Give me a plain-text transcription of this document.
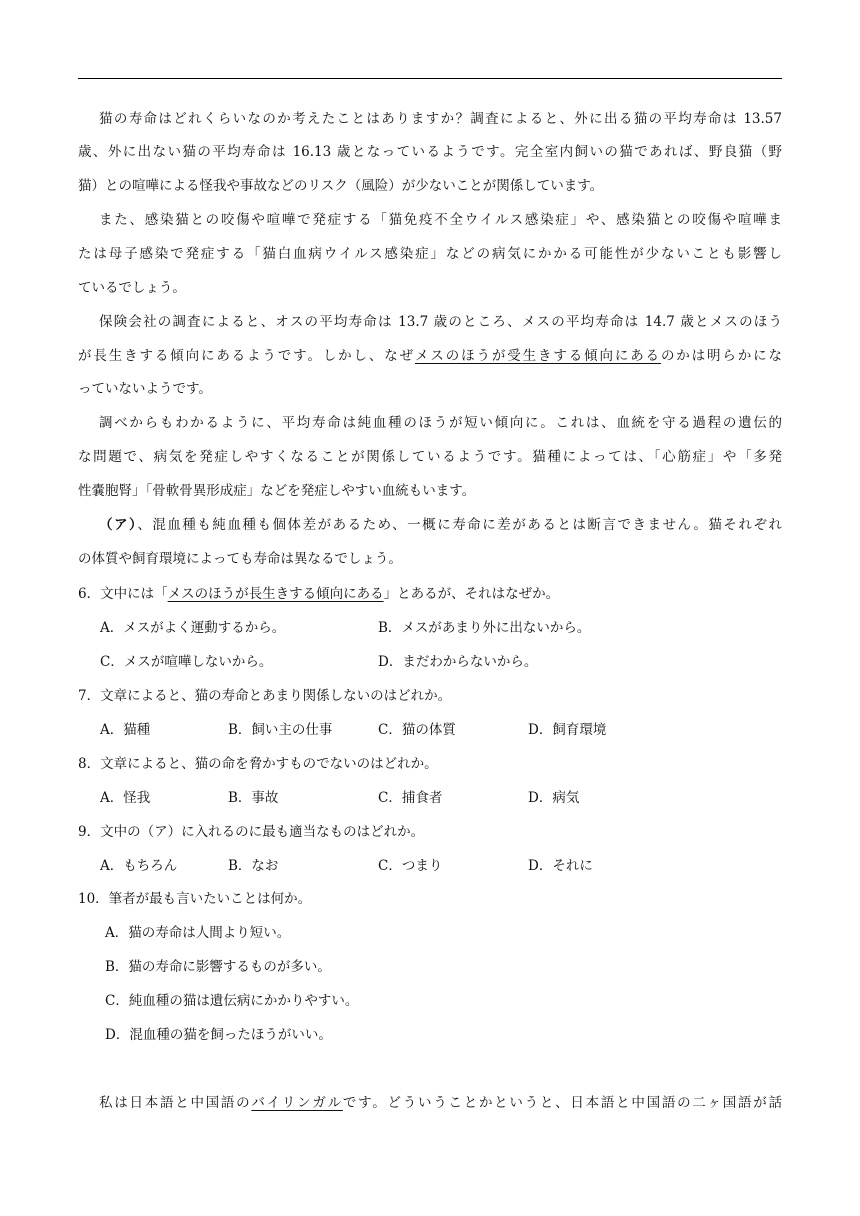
猫の寿命はどれくらいなのか考えたことはありますか？調査によると、外に出る猫の平均寿命は 13.57
歳、外に出ない猫の平均寿命は 16.13 歳となっているようです。完全室内飼いの猫であれば、野良猫（野
猫）との喧嘩による怪我や事故などのリスク（風险）が少ないことが関係しています。
また、感染猫との咬傷や喧嘩で発症する「猫免疫不全ウイルス感染症」や、感染猫との咬傷や喧嘩ま
たは母子感染で発症する「猫白血病ウイルス感染症」などの病気にかかる可能性が少ないことも影響し
ているでしょう。
保険会社の調査によると、オスの平均寿命は 13.7 歳のところ、メスの平均寿命は 14.7 歳とメスのほう
が長生きする傾向にあるようです。しかし、なぜメスのほうが受生きする傾向にあるのかは明らかにな
っていないようです。
調べからもわかるように、平均寿命は純血種のほうが短い傾向に。これは、血統を守る過程の遺伝的
な問題で、病気を発症しやすくなることが関係しているようです。猫種によっては、「心筋症」や「多発
性嚢胞腎」「骨軟骨異形成症」などを発症しやすい血統もいます。
（ア）、混血種も純血種も個体差があるため、一概に寿命に差があるとは断言できません。猫それぞれ
の体質や飼育環境によっても寿命は異なるでしょう。
6．文中には「メスのほうが長生きする傾向にある」とあるが、それはなぜか。
A．メスがよく運動するから。	B．メスがあまり外に出ないから。
C．メスが喧嘩しないから。	D．まだわからないから。
7．文章によると、猫の寿命とあまり関係しないのはどれか。
A．猫種	B．飼い主の仕事	C．猫の体質	D．飼育環境
8．文章によると、猫の命を脅かすものでないのはどれか。
A．怪我	B．事故	C．捕食者	D．病気
9．文中の（ア）に入れるのに最も適当なものはどれか。
A．もちろん	B．なお	C．つまり	D．それに
10．筆者が最も言いたいことは何か。
A．猫の寿命は人間より短い。
B．猫の寿命に影響するものが多い。
C．純血種の猫は遺伝病にかかりやすい。
D．混血種の猫を飼ったほうがいい。
私は日本語と中国語のバイリンガルです。どういうことかというと、日本語と中国語の二ヶ国語が話
